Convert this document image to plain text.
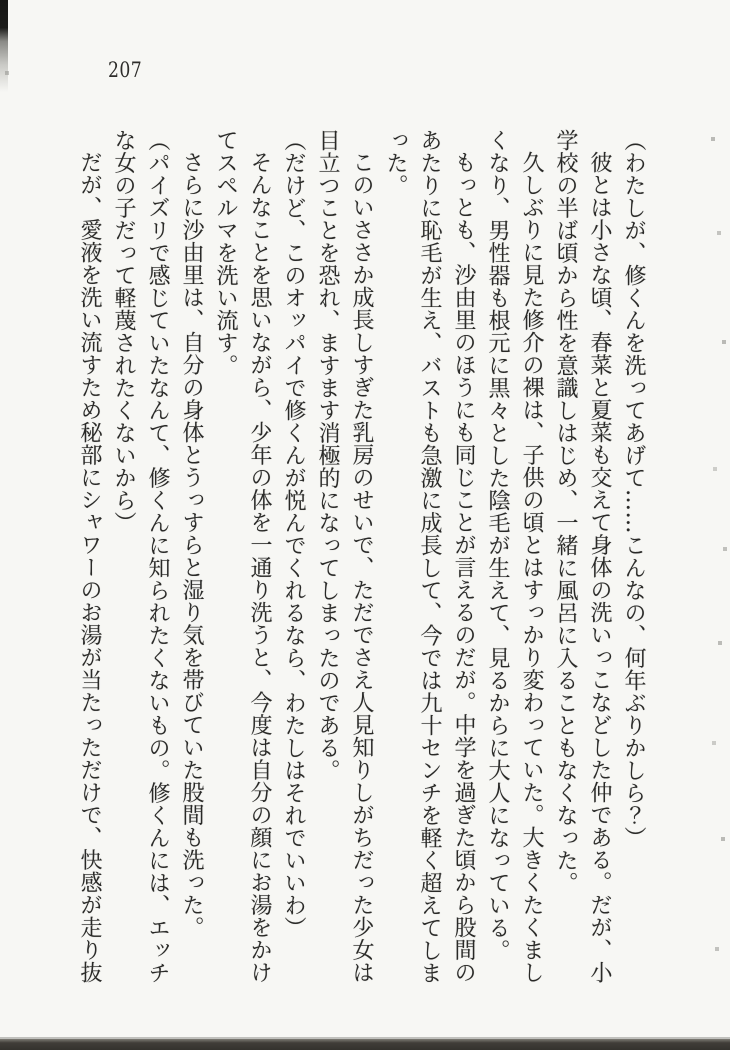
207

（わたしが、修くんを洗ってあげて……こんなの、何年ぶりかしら？）

彼とは小さな頃、春菜と夏菜も交えて身体の洗いっこなどした仲である。だが、小学校の半ば頃から性を意識しはじめ、一緒に風呂に入ることもなくなった。

久しぶりに見た修介の裸は、子供の頃とはすっかり変わっていた。大きくたくましくなり、男性器も根元に黒々とした陰毛が生えて、見るからに大人になっている。

もっとも、沙由里のほうにも同じことが言えるのだが。中学を過ぎた頃から股間のあたりに恥毛が生え、バストも急激に成長して、今では九十センチを軽く超えてしまった。

このいささか成長しすぎた乳房のせいで、ただでさえ人見知りしがちだった少女は目立つことを恐れ、ますます消極的になってしまったのである。

（だけど、このオッパイで修くんが悦んでくれるなら、わたしはそれでいいわ）

そんなことを思いながら、少年の体を一通り洗うと、今度は自分の顔にお湯をかけてスペルマを洗い流す。

さらに沙由里は、自分の身体とうっすらと湿り気を帯びていた股間も洗った。

（パイズリで感じていたなんて、修くんに知られたくないもの。修くんには、エッチな女の子だって軽蔑されたくないから）

だが、愛液を洗い流すため秘部にシャワーのお湯が当たっただけで、快感が走り抜
